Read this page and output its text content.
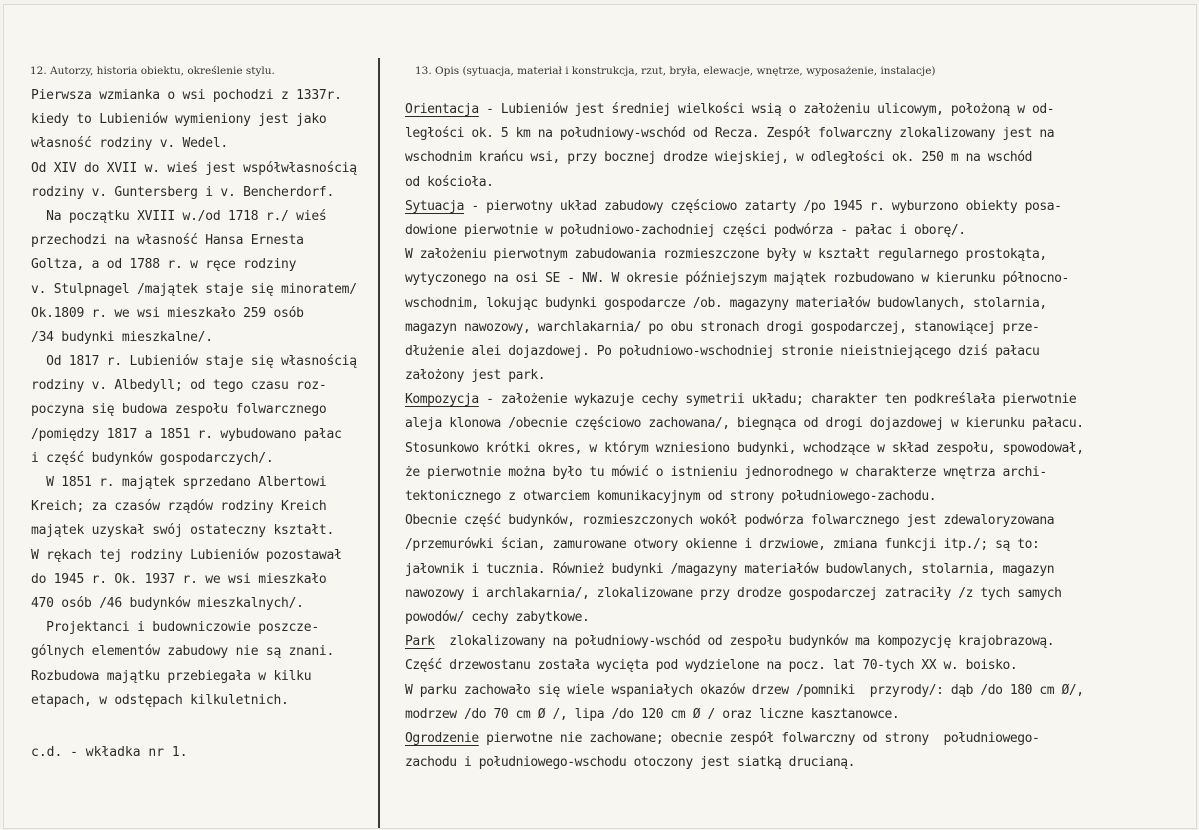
12. Autorzy, historia obiektu, określenie stylu.	13. Opis (sytuacja, materiał i konstrukcja, rzut, bryła, elewacje, wnętrze, wyposażenie, instalacje)
Pierwsza wzmianka o wsi pochodzi z 1337r.
kiedy to Lubieniów wymieniony jest jako
własność rodziny v. Wedel.
Od XIV do XVII w. wieś jest współwłasnością
rodziny v. Guntersberg i v. Bencherdorf.
Na początku XVIII w./od 1718 r./ wieś
przechodzi na własność Hansa Ernesta
Goltza, a od 1788 r. w ręce rodziny
v. Stulpnagel /majątek staje się minoratem/
Ok.1809 r. we wsi mieszkało 259 osób
/34 budynki mieszkalne/.
Od 1817 r. Lubieniów staje się własnością
rodziny v. Albedyll; od tego czasu roz-
poczyna się budowa zespołu folwarcznego
/pomiędzy 1817 a 1851 r. wybudowano pałac
i część budynków gospodarczych/.
W 1851 r. majątek sprzedano Albertowi
Kreich; za czasów rządów rodziny Kreich
majątek uzyskał swój ostateczny kształt.
W rękach tej rodziny Lubieniów pozostawał
do 1945 r. Ok. 1937 r. we wsi mieszkało
470 osób /46 budynków mieszkalnych/.
Projektanci i budowniczowie poszcze-
gólnych elementów zabudowy nie są znani.
Rozbudowa majątku przebiegała w kilku
etapach, w odstępach kilkuletnich.
c.d. - wkładka nr 1.
Orientacja - Lubieniów jest średniej wielkości wsią o założeniu ulicowym, położoną w od-
ległości ok. 5 km na południowy-wschód od Recza. Zespół folwarczny zlokalizowany jest na
wschodnim krańcu wsi, przy bocznej drodze wiejskiej, w odległości ok. 250 m na wschód
od kościoła.
Sytuacja - pierwotny układ zabudowy częściowo zatarty /po 1945 r. wyburzono obiekty posa-
dowione pierwotnie w południowo-zachodniej części podwórza - pałac i oborę/.
W założeniu pierwotnym zabudowania rozmieszczone były w kształt regularnego prostokąta,
wytyczonego na osi SE - NW. W okresie późniejszym majątek rozbudowano w kierunku północno-
wschodnim, lokując budynki gospodarcze /ob. magazyny materiałów budowlanych, stolarnia,
magazyn nawozowy, warchlakarnia/ po obu stronach drogi gospodarczej, stanowiącej prze-
dłużenie alei dojazdowej. Po południowo-wschodniej stronie nieistniejącego dziś pałacu
założony jest park.
Kompozycja - założenie wykazuje cechy symetrii układu; charakter ten podkreślała pierwotnie
aleja klonowa /obecnie częściowo zachowana/, biegnąca od drogi dojazdowej w kierunku pałacu.
Stosunkowo krótki okres, w którym wzniesiono budynki, wchodzące w skład zespołu, spowodował,
że pierwotnie można było tu mówić o istnieniu jednorodnego w charakterze wnętrza archi-
tektonicznego z otwarciem komunikacyjnym od strony południowego-zachodu.
Obecnie część budynków, rozmieszczonych wokół podwórza folwarcznego jest zdewaloryzowana
/przemurówki ścian, zamurowane otwory okienne i drzwiowe, zmiana funkcji itp./; są to:
jałownik i tucznia. Również budynki /magazyny materiałów budowlanych, stolarnia, magazyn
nawozowy i archlakarnia/, zlokalizowane przy drodze gospodarczej zatraciły /z tych samych
powodów/ cechy zabytkowe.
Park  zlokalizowany na południowy-wschód od zespołu budynków ma kompozycję krajobrazową.
Część drzewostanu została wycięta pod wydzielone na pocz. lat 70-tych XX w. boisko.
W parku zachowało się wiele wspaniałych okazów drzew /pomniki  przyrody/: dąb /do 180 cm Ø/,
modrzew /do 70 cm Ø /, lipa /do 120 cm Ø / oraz liczne kasztanowce.
Ogrodzenie pierwotne nie zachowane; obecnie zespół folwarczny od strony  południowego-
zachodu i południowego-wschodu otoczony jest siatką drucianą.
